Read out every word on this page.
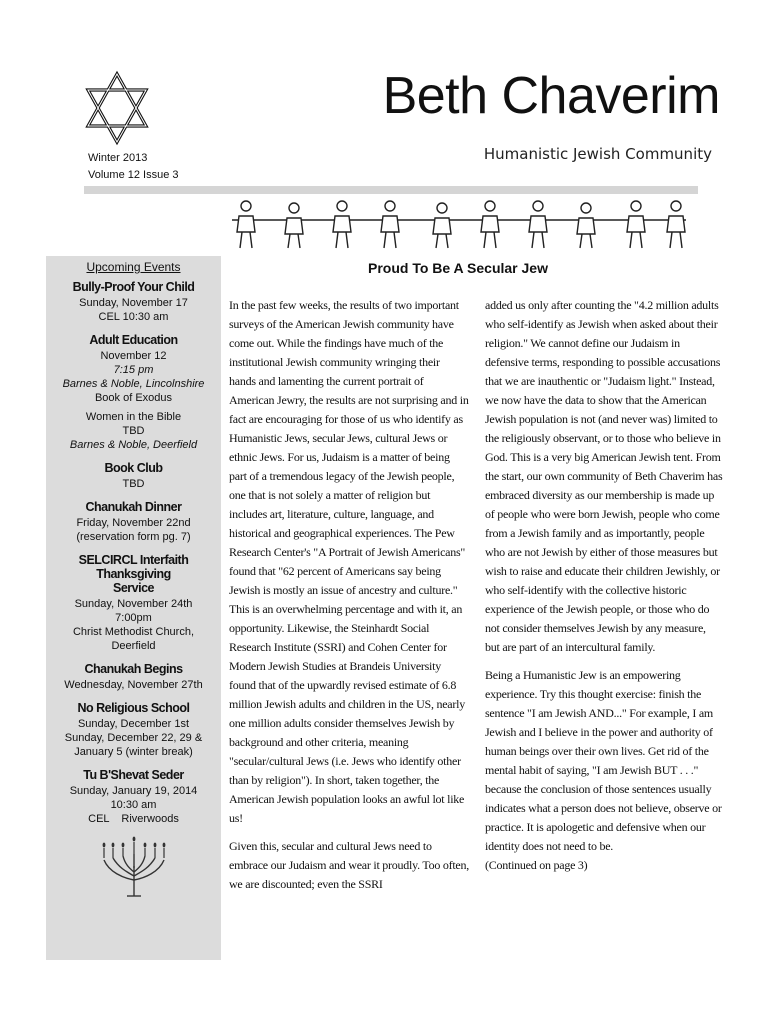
Beth Chaverim
Humanistic Jewish Community
Winter 2013
Volume 12 Issue 3
Upcoming Events
Bully-Proof Your Child
Sunday, November 17
CEL 10:30 am
Adult Education
November 12
7:15 pm
Barnes & Noble, Lincolnshire
Book of Exodus
Women in the Bible
TBD
Barnes & Noble, Deerfield
Book Club
TBD
Chanukah Dinner
Friday, November 22nd
(reservation form pg. 7)
SELCIRCL Interfaith Thanksgiving Service
Sunday, November 24th
7:00pm
Christ Methodist Church,
Deerfield
Chanukah Begins
Wednesday, November 27th
No Religious School
Sunday, December 1st
Sunday, December 22, 29 &
January 5 (winter break)
Tu B'Shevat Seder
Sunday, January 19, 2014
10:30 am
CEL    Riverwoods
Proud To Be A Secular Jew

In the past few weeks, the results of two important surveys of the American Jewish community have come out. While the findings have much of the institutional Jewish community wringing their hands and lamenting the current portrait of American Jewry, the results are not surprising and in fact are encouraging for those of us who identify as Humanistic Jews, secular Jews, cultural Jews or ethnic Jews. For us, Judaism is a matter of being part of a tremendous legacy of the Jewish people, one that is not solely a matter of religion but includes art, literature, culture, language, and historical and geographical experiences. The Pew Research Center's "A Portrait of Jewish Americans" found that "62 percent of Americans say being Jewish is mostly an issue of ancestry and culture." This is an overwhelming percentage and with it, an opportunity. Likewise, the Steinhardt Social Research Institute (SSRI) and Cohen Center for Modern Jewish Studies at Brandeis University found that of the upwardly revised estimate of 6.8 million Jewish adults and children in the US, nearly one million adults consider themselves Jewish by background and other criteria, meaning "secular/cultural Jews (i.e. Jews who identify other than by religion"). In short, taken together, the American Jewish population looks an awful lot like us!

Given this, secular and cultural Jews need to embrace our Judaism and wear it proudly. Too often, we are discounted; even the SSRI

added us only after counting the "4.2 million adults who self-identify as Jewish when asked about their religion." We cannot define our Judaism in defensive terms, responding to possible accusations that we are inauthentic or "Judaism light." Instead, we now have the data to show that the American Jewish population is not (and never was) limited to the religiously observant, or to those who believe in God. This is a very big American Jewish tent. From the start, our own community of Beth Chaverim has embraced diversity as our membership is made up of people who were born Jewish, people who come from a Jewish family and as importantly, people who are not Jewish by either of those measures but wish to raise and educate their children Jewishly, or who self-identify with the collective historic experience of the Jewish people, or those who do not consider themselves Jewish by any measure, but are part of an intercultural family.

Being a Humanistic Jew is an empowering experience. Try this thought exercise: finish the sentence "I am Jewish AND..." For example, I am Jewish and I believe in the power and authority of human beings over their own lives. Get rid of the mental habit of saying, "I am Jewish BUT . . ." because the conclusion of those sentences usually indicates what a person does not believe, observe or practice. It is apologetic and defensive when our identity does not need to be.

(Continued on page 3)
